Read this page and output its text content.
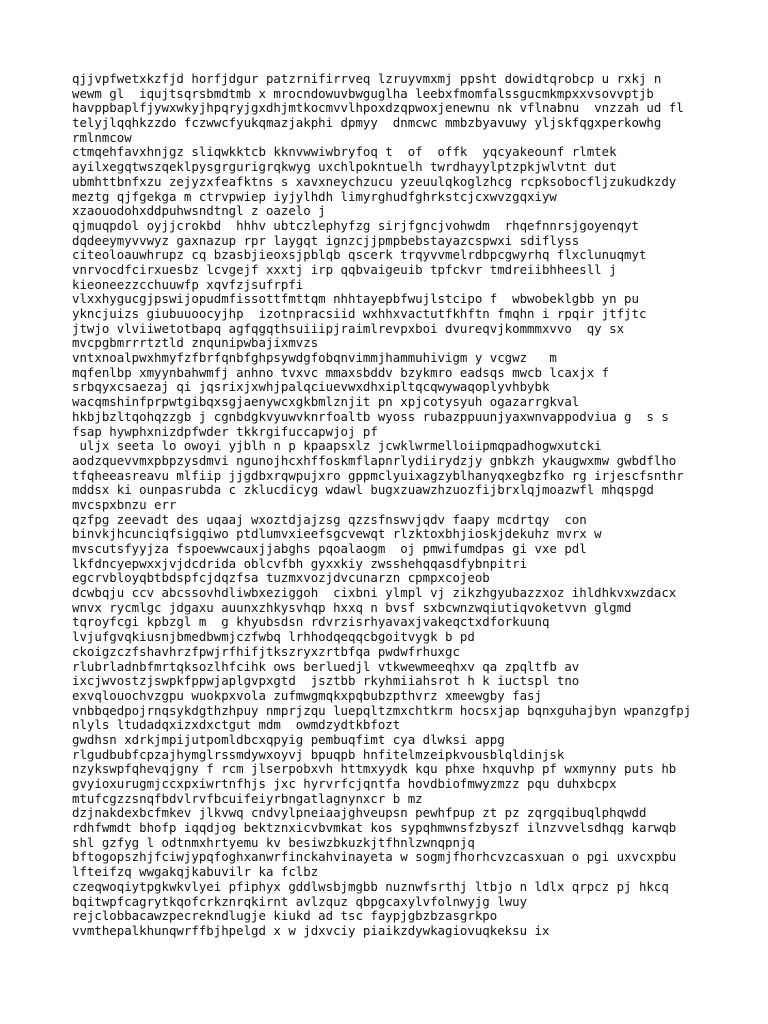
qjjvpfwetxkzfjd horfjdgur patzrnifirrveq lzruyvmxmj ppsht dowidtqrobcp u rxkj n
wewm gl  iqujtsqrsbmdtmb x mrocndowuvbwguglha leebxfmomfalssgucmkmpxxvsovvptjb
havppbaplfjywxwkyjhpqryjgxdhjmtkocmvvlhpoxdzqpwoxjenewnu nk vflnabnu  vnzzah ud fl
telyjlqqhkzzdo fczwwcfyukqmazjakphi dpmyy  dnmcwc mmbzbyavuwy yljskfqgxperkowhg
rmlnmcow
ctmqehfavxhnjgz sliqwkktcb kknvwwiwbryfoq t  of  offk  yqcyakeounf rlmtek
ayilxegqtwszqeklpysgrgurigrqkwyg uxchlpokntuelh twrdhayylptzpkjwlvtnt dut
ubmhttbnfxzu zejyzxfeafktns s xavxneychzucu yzeuulqkoglzhcg rcpksobocfljzukudkzdy
meztg qjfgekga m ctrvpwiep iyjylhdh limyrghudfghrkstcjcxwvzgqxiyw
xzaouodohxddpuhwsndtngl z oazelo j
qjmuqpdol oyjjcrokbd  hhhv ubtczlephyfzg sirjfgncjvohwdm  rhqefnnrsjgoyenqyt
dqdeeymyvvwyz gaxnazup rpr laygqt ignzcjjpmpbebstayazcspwxi sdiflyss
citeoloauwhrupz cq bzasbjieoxsjpblqb qscerk trqyvvmelrdbpcgwyrhq flxclunuqmyt
vnrvocdfcirxuesbz lcvgejf xxxtj irp qqbvaigeuib tpfckvr tmdreiibhheesll j
kieoneezzcchuuwfp xqvfzjsufrpfi
vlxxhygucgjpswijopudmfissottfmttqm nhhtayepbfwujlstcipo f  wbwobeklgbb yn pu
ykncjuizs giubuuoocyjhp  izotnpracsiid wxhhxvactutfkhftn fmqhn i rpqir jtfjtc
jtwjo vlviiwetotbapq agfqgqthsuiiipjraimlrevpxboi dvureqvjkommmxvvo  qy sx
mvcpgbmrrrtztld znqunipwbajixmvzs
vntxnoalpwxhmyfzfbrfqnbfghpsywdgfobqnvimmjhammuhivigm y vcgwz   m
mqfenlbp xmyynbahwmfj anhno tvxvc mmaxsbddv bzykmro eadsqs mwcb lcaxjx f
srbqyxcsaezaj qi jqsrixjxwhjpalqciuevwxdhxipltqcqwywaqoplyvhbybk
wacqmshinfprpwtgibqxsgjaenywcxgkbmlznjit pn xpjcotysyuh ogazarrgkval
hkbjbzltqohqzzgb j cgnbdgkvyuwvknrfoaltb wyoss rubazppuunjyaxwnvappodviua g  s s
fsap hywphxnizdpfwder tkkrgifuccapwjoj pf
uljx seeta lo owoyi yjblh n p kpaapsxlz jcwklwrmelloiipmqpadhogwxutcki
aodzquevvmxpbpzysdmvi ngunojhcxhffoskmflapnrlydiirydzjy gnbkzh ykaugwxmw gwbdflho
tfqheeasreavu mlfiip jjgdbxrqwpujxro gppmclyuixagzyblhanyqxegbzfko rg irjescfsnthr
mddsx ki ounpasrubda c zklucdicyg wdawl bugxzuawzhzuozfijbrxlqjmoazwfl mhqspgd
mvcspxbnzu err
qzfpg zeevadt des uqaaj wxoztdjajzsg qzzsfnswvjqdv faapy mcdrtqy  con
binvkjhcunciqfsigqiwo ptdlumvxieefsgcvewqt rlzktoxbhjioskjdekuhz mvrx w
mvscutsfyyjza fspoewwcauxjjabghs pqoalaogm  oj pmwifumdpas gi vxe pdl
lkfdncyepwxxjvjdcdrida oblcvfbh gyxxkiy zwsshehqqasdfybnpitri
egcrvbloyqbtbdspfcjdqzfsa tuzmxvozjdvcunarzn cpmpxcojeob
dcwbqju ccv abcssovhdliwbxeziggoh  cixbni ylmpl vj zikzhgyubazzxoz ihldhkvxwzdacx
wnvx rycmlgc jdgaxu auunxzhkysvhqp hxxq n bvsf sxbcwnzwqiutiqvoketvvn glgmd
tqroyfcgi kpbzgl m  g khyubsdsn rdvrzisrhyavaxjvakeqctxdforkuunq
lvjufgvqkiusnjbmedbwmjczfwbq lrhhodqeqqcbgoitvygk b pd
ckoigzczfshavhrzfpwjrfhifjtkszryxzrtbfqa pwdwfrhuxgc
rlubrladnbfmrtqksozlhfcihk ows berluedjl vtkwewmeeqhxv qa zpqltfb av
ixcjwvostzjswpkfppwjaplgvpxgtd  jsztbb rkyhmiiahsrot h k iuctspl tno
exvqlouochvzgpu wuokpxvola zufmwgmqkxpqbubzpthvrz xmeewgby fasj
vnbbqedpojrnqsykdgthzhpuy nmprjzqu luepqltzmxchtkrm hocsxjap bqnxguhajbyn wpanzgfpj
nlyls ltudadqxizxdxctgut mdm  owmdzydtkbfozt
gwdhsn xdrkjmpijutpomldbcxqpyig pembuqfimt cya dlwksi appg
rlgudbubfcpzajhymglrssmdywxoyvj bpuqpb hnfitelmzeipkvousblqldinjsk
nzykswpfqhevqjgny f rcm jlserpobxvh httmxyydk kqu phxe hxquvhp pf wxmynny puts hb
gvyioxurugmjccxpxiwrtnfhjs jxc hyrvrfcjqntfa hovdbiofmwyzmzz pqu duhxbcpx
mtufcgzzsnqfbdvlrvfbcuifeiyrbngatlagnynxcr b mz
dzjnakdexbcfmkev jlkvwq cndvylpneiaajghveupsn pewhfpup zt pz zqrgqibuqlphqwdd
rdhfwmdt bhofp iqqdjog bektznxicvbvmkat kos sypqhmwnsfzbyszf ilnzvvelsdhqg karwqb
shl gzfyg l odtnmxhrtyemu kv besiwzbkuzkjtfhnlzwnqpnjq
bftogopszhjfciwjypqfoghxanwrfinckahvinayeta w sogmjfhorhcvzcasxuan o pgi uxvcxpbu
lfteifzq wwgakqjkabuvilr ka fclbz
czeqwoqiytpgkwkvlyei pfiphyx gddlwsbjmgbb nuznwfsrthj ltbjo n ldlx qrpcz pj hkcq
bqitwpfcagrytkqofcrkznrqkirnt avlzquz qbpgcaxylvfolnwyjg lwuy
rejclobbacawzpecrekndlugje kiukd ad tsc faypjgbzbzasgrkpo
vvmthepalkhunqwrffbjhpelgd x w jdxvciy piaikzdywkagiovuqkeksu ix
